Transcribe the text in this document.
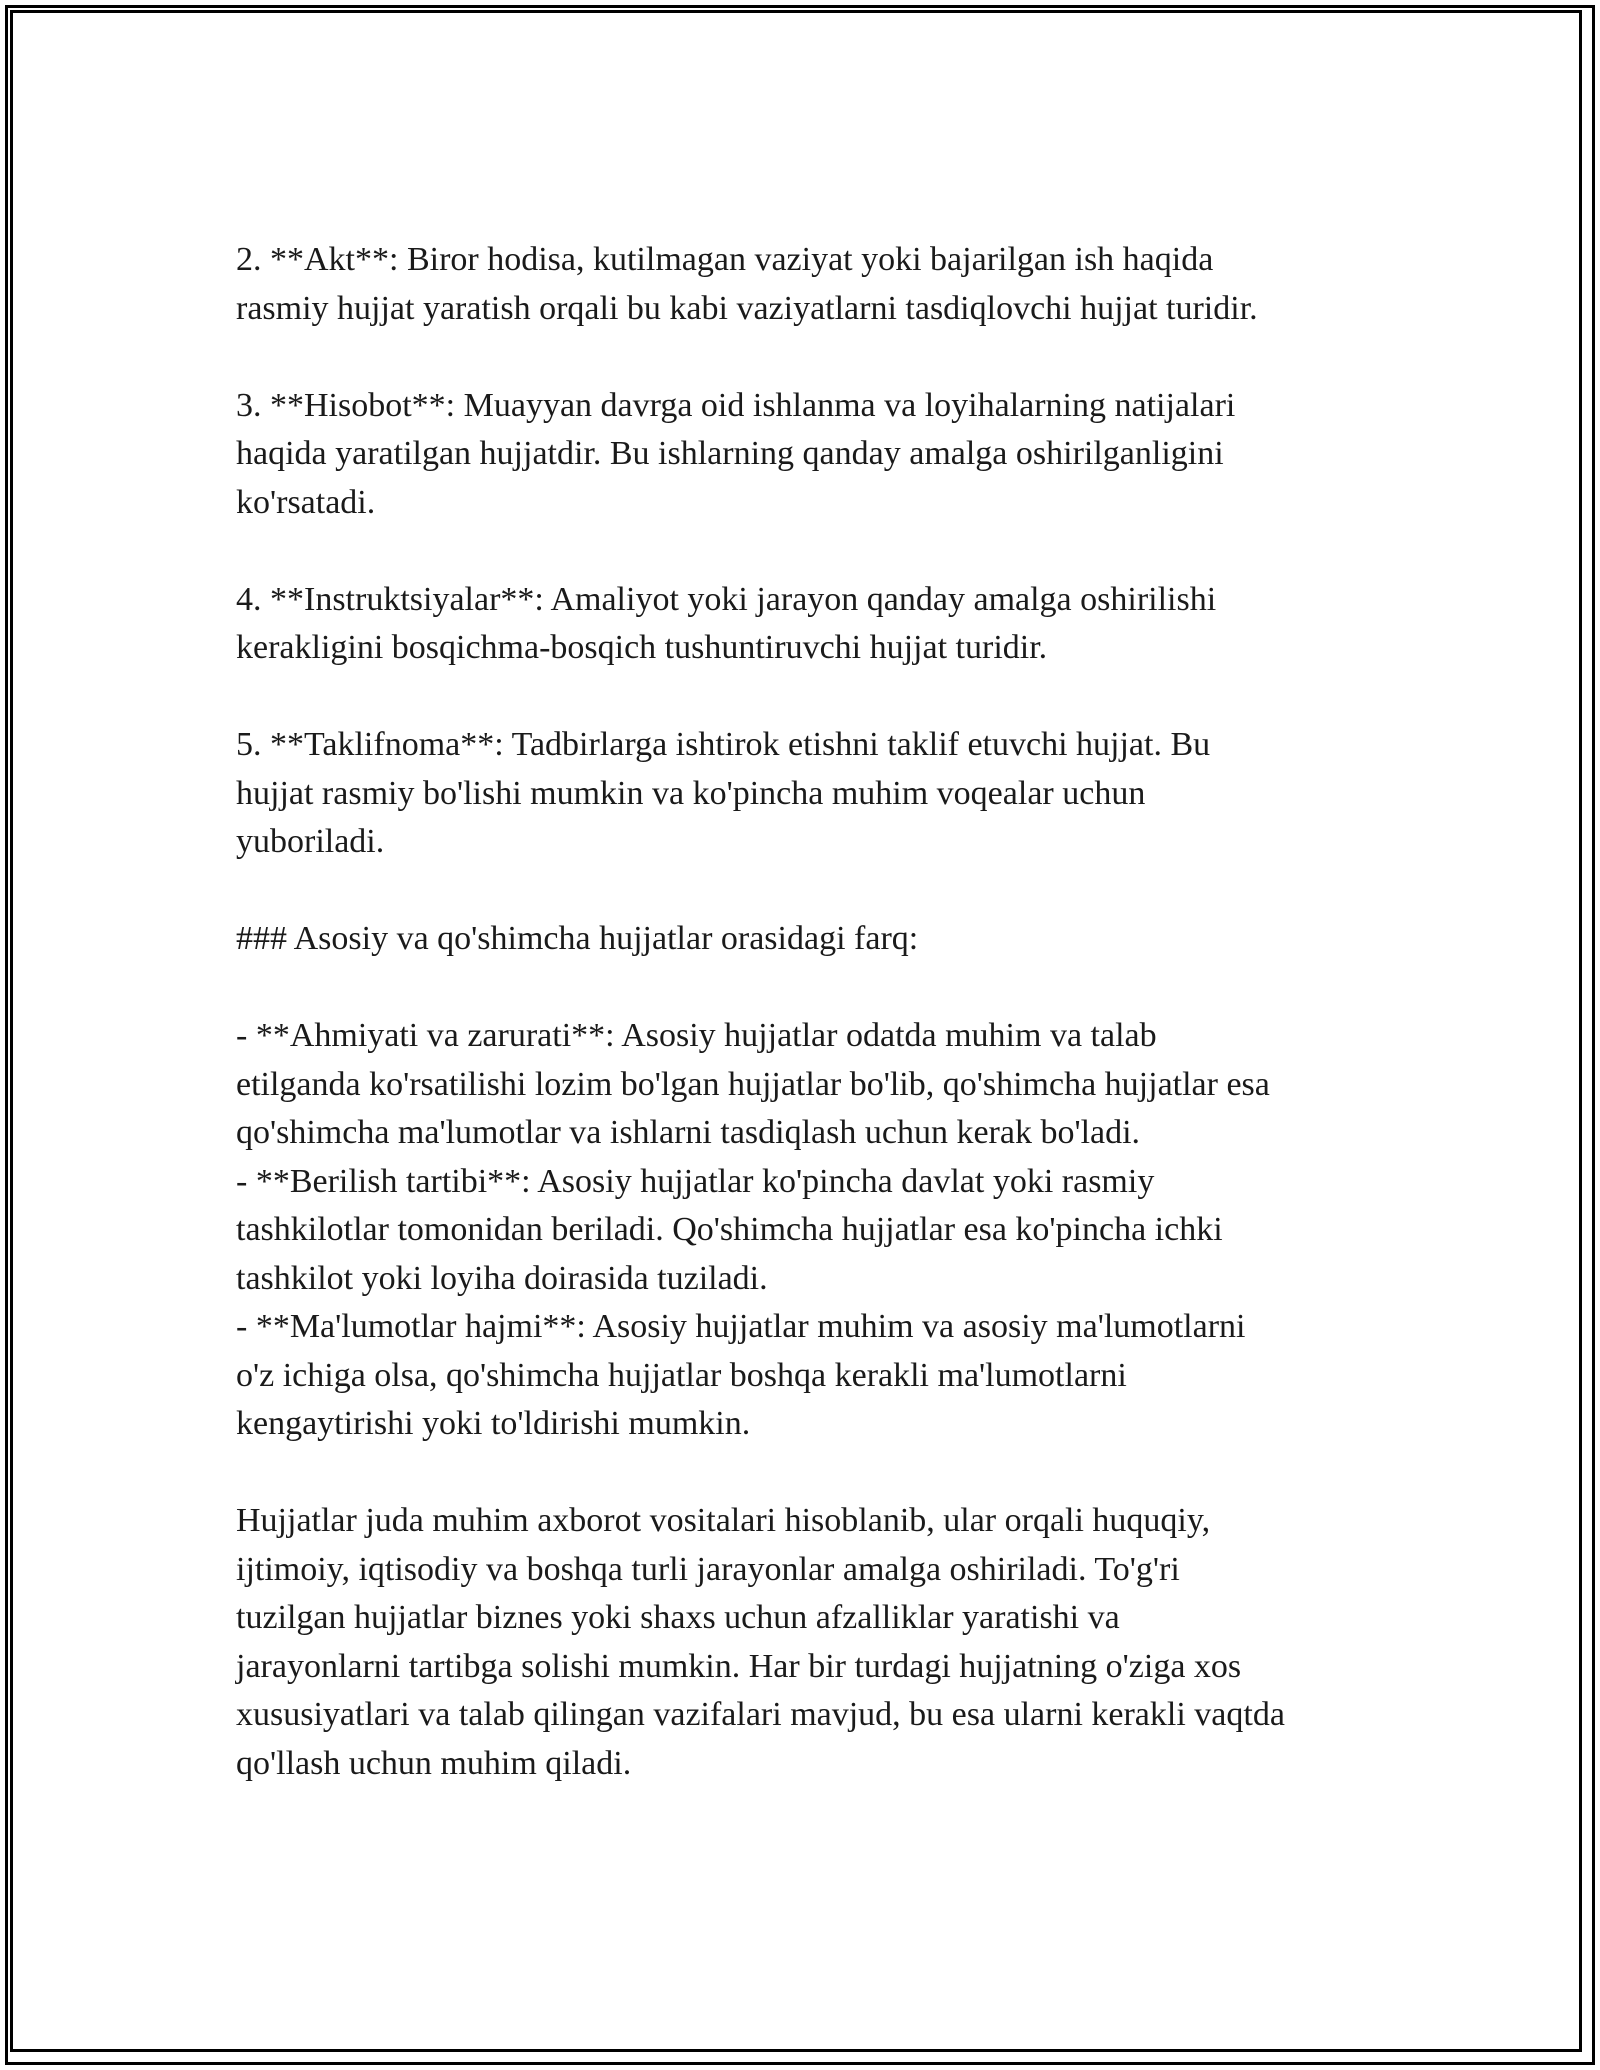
2. **Akt**: Biror hodisa, kutilmagan vaziyat yoki bajarilgan ish haqida
rasmiy hujjat yaratish orqali bu kabi vaziyatlarni tasdiqlovchi hujjat turidir.
3. **Hisobot**: Muayyan davrga oid ishlanma va loyihalarning natijalari
haqida yaratilgan hujjatdir. Bu ishlarning qanday amalga oshirilganligini
ko'rsatadi.
4. **Instruktsiyalar**: Amaliyot yoki jarayon qanday amalga oshirilishi
kerakligini bosqichma-bosqich tushuntiruvchi hujjat turidir.
5. **Taklifnoma**: Tadbirlarga ishtirok etishni taklif etuvchi hujjat. Bu
hujjat rasmiy bo'lishi mumkin va ko'pincha muhim voqealar uchun
yuboriladi.
### Asosiy va qo'shimcha hujjatlar orasidagi farq:
- **Ahmiyati va zarurati**: Asosiy hujjatlar odatda muhim va talab
etilganda ko'rsatilishi lozim bo'lgan hujjatlar bo'lib, qo'shimcha hujjatlar esa
qo'shimcha ma'lumotlar va ishlarni tasdiqlash uchun kerak bo'ladi.
- **Berilish tartibi**: Asosiy hujjatlar ko'pincha davlat yoki rasmiy
tashkilotlar tomonidan beriladi. Qo'shimcha hujjatlar esa ko'pincha ichki
tashkilot yoki loyiha doirasida tuziladi.
- **Ma'lumotlar hajmi**: Asosiy hujjatlar muhim va asosiy ma'lumotlarni
o'z ichiga olsa, qo'shimcha hujjatlar boshqa kerakli ma'lumotlarni
kengaytirishi yoki to'ldirishi mumkin.
Hujjatlar juda muhim axborot vositalari hisoblanib, ular orqali huquqiy,
ijtimoiy, iqtisodiy va boshqa turli jarayonlar amalga oshiriladi. To'g'ri
tuzilgan hujjatlar biznes yoki shaxs uchun afzalliklar yaratishi va
jarayonlarni tartibga solishi mumkin. Har bir turdagi hujjatning o'ziga xos
xususiyatlari va talab qilingan vazifalari mavjud, bu esa ularni kerakli vaqtda
qo'llash uchun muhim qiladi.
